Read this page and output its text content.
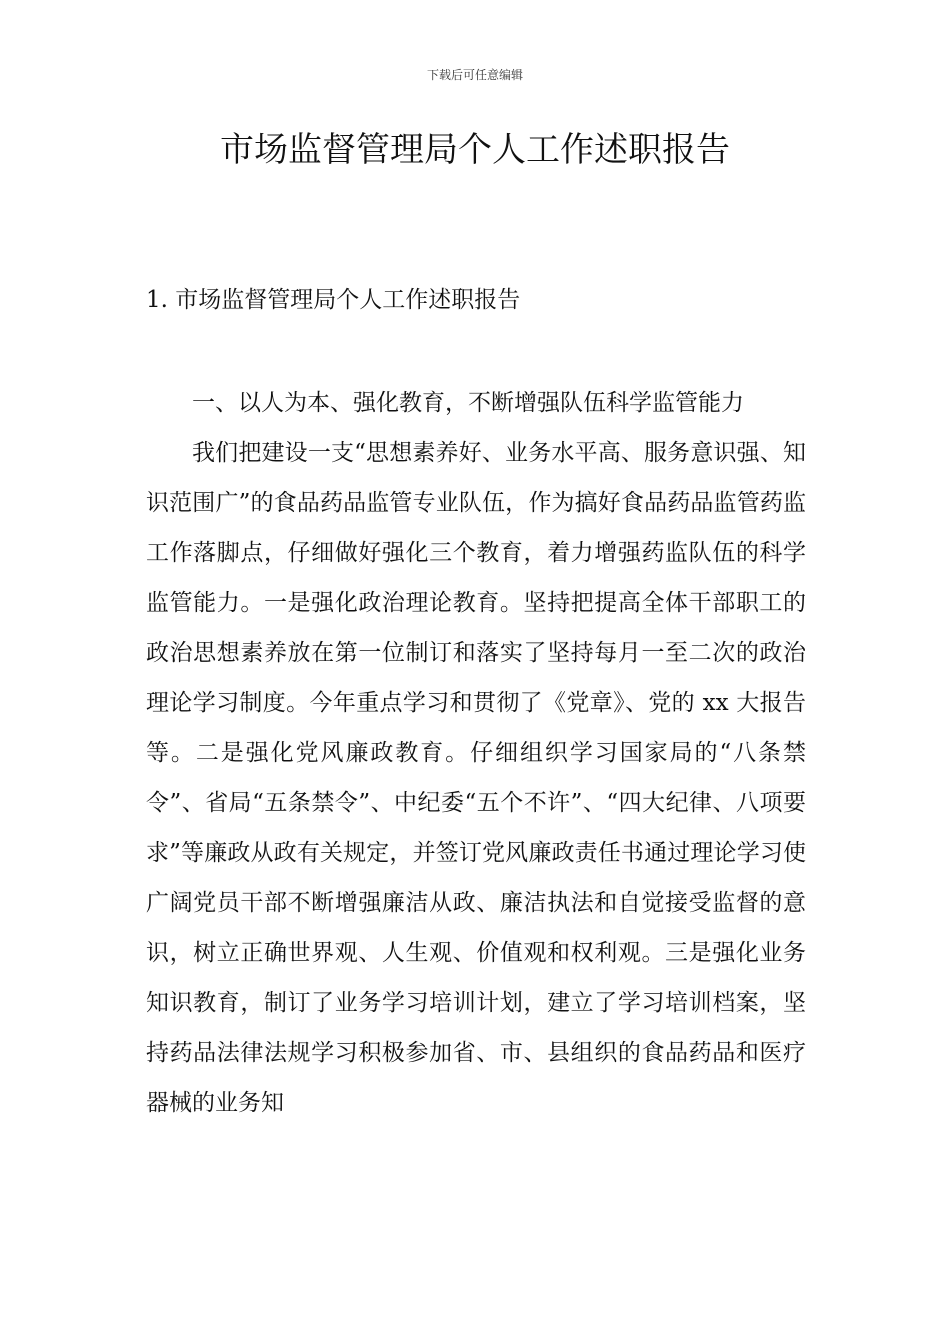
下载后可任意编辑
市场监督管理局个人工作述职报告
1. 市场监督管理局个人工作述职报告

一、以人为本、强化教育，不断增强队伍科学监管能力

我们把建设一支“思想素养好、业务水平高、服务意识强、知识范围广”的食品药品监管专业队伍，作为搞好食品药品监管药监工作落脚点，仔细做好强化三个教育，着力增强药监队伍的科学监管能力。一是强化政治理论教育。坚持把提高全体干部职工的政治思想素养放在第一位制订和落实了坚持每月一至二次的政治理论学习制度。今年重点学习和贯彻了《党章》、党的 xx 大报告等。二是强化党风廉政教育。仔细组织学习国家局的“八条禁令”、省局“五条禁令”、中纪委“五个不许”、“四大纪律、八项要求”等廉政从政有关规定，并签订党风廉政责任书通过理论学习使广阔党员干部不断增强廉洁从政、廉洁执法和自觉接受监督的意识，树立正确世界观、人生观、价值观和权利观。三是强化业务知识教育，制订了业务学习培训计划，建立了学习培训档案，坚持药品法律法规学习积极参加省、市、县组织的食品药品和医疗器械的业务知
